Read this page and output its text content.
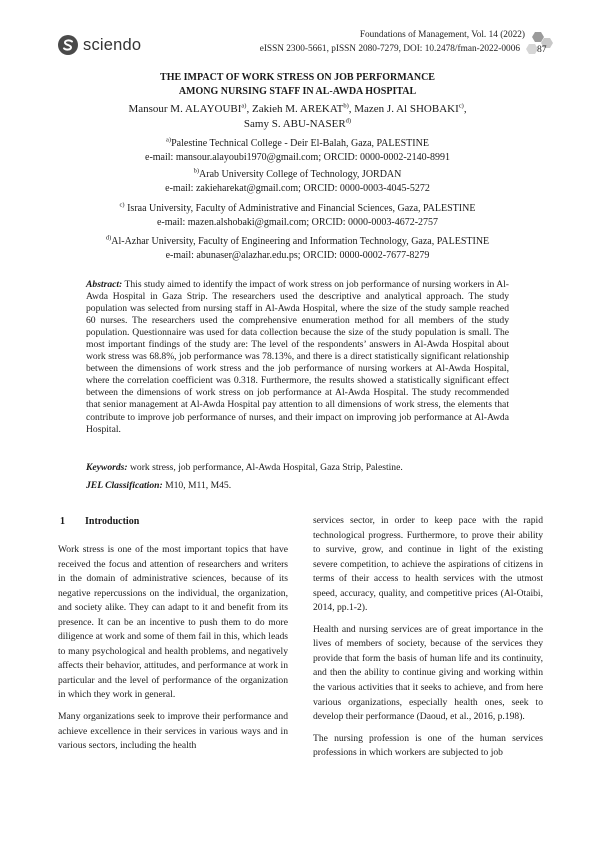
sciendo
Foundations of Management, Vol. 14 (2022)
eISSN 2300-5661, pISSN 2080-7279, DOI: 10.2478/fman-2022-0006 87
THE IMPACT OF WORK STRESS ON JOB PERFORMANCE
AMONG NURSING STAFF IN AL-AWDA HOSPITAL
Mansour M. ALAYOUBI$^{a)}$, Zakieh M. AREKAT$^{b)}$, Mazen J. Al SHOBAKI$^{c)}$,
Samy S. ABU-NASER$^{d)}$
$^{a)}$Palestine Technical College - Deir El-Balah, Gaza, PALESTINE
e-mail: mansour.alayoubi1970@gmail.com; ORCID: 0000-0002-2140-8991
$^{b)}$Arab University College of Technology, JORDAN
e-mail: zakieharekat@gmail.com; ORCID: 0000-0003-4045-5272
$^{c)}$ Israa University, Faculty of Administrative and Financial Sciences, Gaza, PALESTINE
e-mail: mazen.alshobaki@gmail.com; ORCID: 0000-0003-4672-2757
$^{d)}$Al-Azhar University, Faculty of Engineering and Information Technology, Gaza, PALESTINE
e-mail: abunaser@alazhar.edu.ps; ORCID: 0000-0002-7677-8279
Abstract: This study aimed to identify the impact of work stress on job performance of nursing workers in Al-Awda Hospital in Gaza Strip. The researchers used the descriptive and analytical approach. The study population was selected from nursing staff in Al-Awda Hospital, where the size of the study sample reached 60 nurses. The researchers used the comprehensive enumeration method for all members of the study population. Questionnaire was used for data collection because the size of the study population is small. The most important findings of the study are: The level of the respondents’ answers in Al-Awda Hospital about work stress was 68.8%, job performance was 78.13%, and there is a direct statistically significant relationship between the dimensions of work stress and the job performance of nursing workers at Al-Awda Hospital, where the correlation coefficient was 0.318. Furthermore, the results showed a statistically significant effect between the dimensions of work stress on job performance at Al-Awda Hospital. The study recommended that senior management at Al-Awda Hospital pay attention to all dimensions of work stress, the elements that contribute to improve job performance of nurses, and their impact on improving job performance at Al-Awda Hospital.
Keywords: work stress, job performance, Al-Awda Hospital, Gaza Strip, Palestine.
JEL Classification: M10, M11, M45.
1 Introduction

Work stress is one of the most important topics that have received the focus and attention of researchers and writers in the domain of administrative sciences, because of its negative repercussions on the individual, the organization, and society alike. They can adapt to it and benefit from its presence. It can be an incentive to push them to do more diligence at work and some of them fail in this, which leads to many psychological and health problems, and negatively affects their behavior, attitudes, and performance at work in particular and the level of performance of the organization in which they work in general.

Many organizations seek to improve their performance and achieve excellence in their services in various ways and in various sectors, including the health

services sector, in order to keep pace with the rapid technological progress. Furthermore, to prove their ability to survive, grow, and continue in light of the existing severe competition, to achieve the aspirations of citizens in terms of their access to health services with the utmost speed, accuracy, quality, and competitive prices (Al-Otaibi, 2014, pp.1-2).

Health and nursing services are of great importance in the lives of members of society, because of the services they provide that form the basis of human life and its continuity, and then the ability to continue giving and working within the various activities that it seeks to achieve, and from here various organizations, especially health ones, seek to develop their performance (Daoud, et al., 2016, p.198).

The nursing profession is one of the human services professions in which workers are subjected to job
